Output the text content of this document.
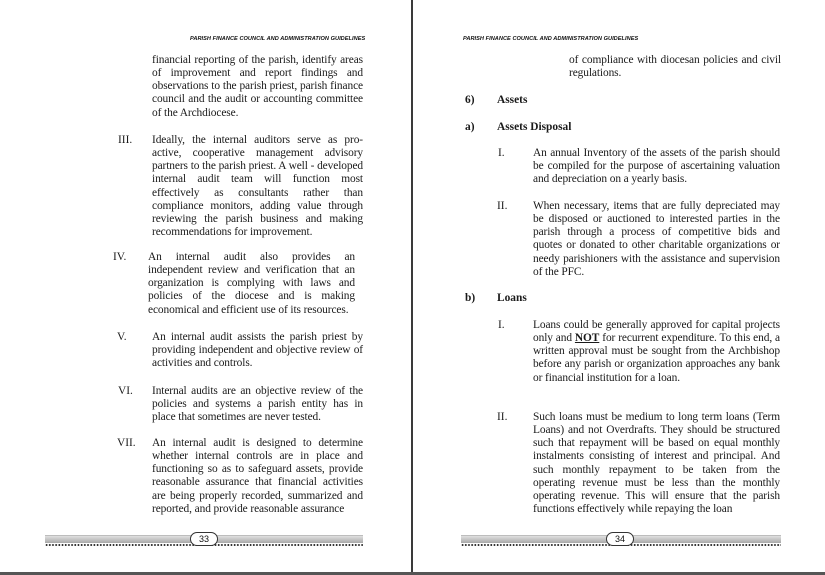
PARISH FINANCE COUNCIL AND ADMINISTRATION GUIDELINES

financial reporting of the parish, identify areas of improvement and report findings and observations to the parish priest, parish finance council and the audit or accounting committee of the Archdiocese.

III. Ideally, the internal auditors serve as pro-active, cooperative management advisory partners to the parish priest. A well - developed internal audit team will function most effectively as consultants rather than compliance monitors, adding value through reviewing the parish business and making recommendations for improvement.

IV. An internal audit also provides an independent review and verification that an organization is complying with laws and policies of the diocese and is making economical and efficient use of its resources.

V. An internal audit assists the parish priest by providing independent and objective review of activities and controls.

VI. Internal audits are an objective review of the policies and systems a parish entity has in place that sometimes are never tested.

VII. An internal audit is designed to determine whether internal controls are in place and functioning so as to safeguard assets, provide reasonable assurance that financial activities are being properly recorded, summarized and reported, and provide reasonable assurance

33
PARISH FINANCE COUNCIL AND ADMINISTRATION GUIDELINES

of compliance with diocesan policies and civil regulations.

6) Assets
a) Assets Disposal
I. An annual Inventory of the assets of the parish should be compiled for the purpose of ascertaining valuation and depreciation on a yearly basis.

II. When necessary, items that are fully depreciated may be disposed or auctioned to interested parties in the parish through a process of competitive bids and quotes or donated to other charitable organizations or needy parishioners with the assistance and supervision of the PFC.

b) Loans
I. Loans could be generally approved for capital projects only and NOT for recurrent expenditure. To this end, a written approval must be sought from the Archbishop before any parish or organization approaches any bank or financial institution for a loan.

II. Such loans must be medium to long term loans (Term Loans) and not Overdrafts. They should be structured such that repayment will be based on equal monthly instalments consisting of interest and principal. And such monthly repayment to be taken from the operating revenue must be less than the monthly operating revenue. This will ensure that the parish functions effectively while repaying the loan

34
